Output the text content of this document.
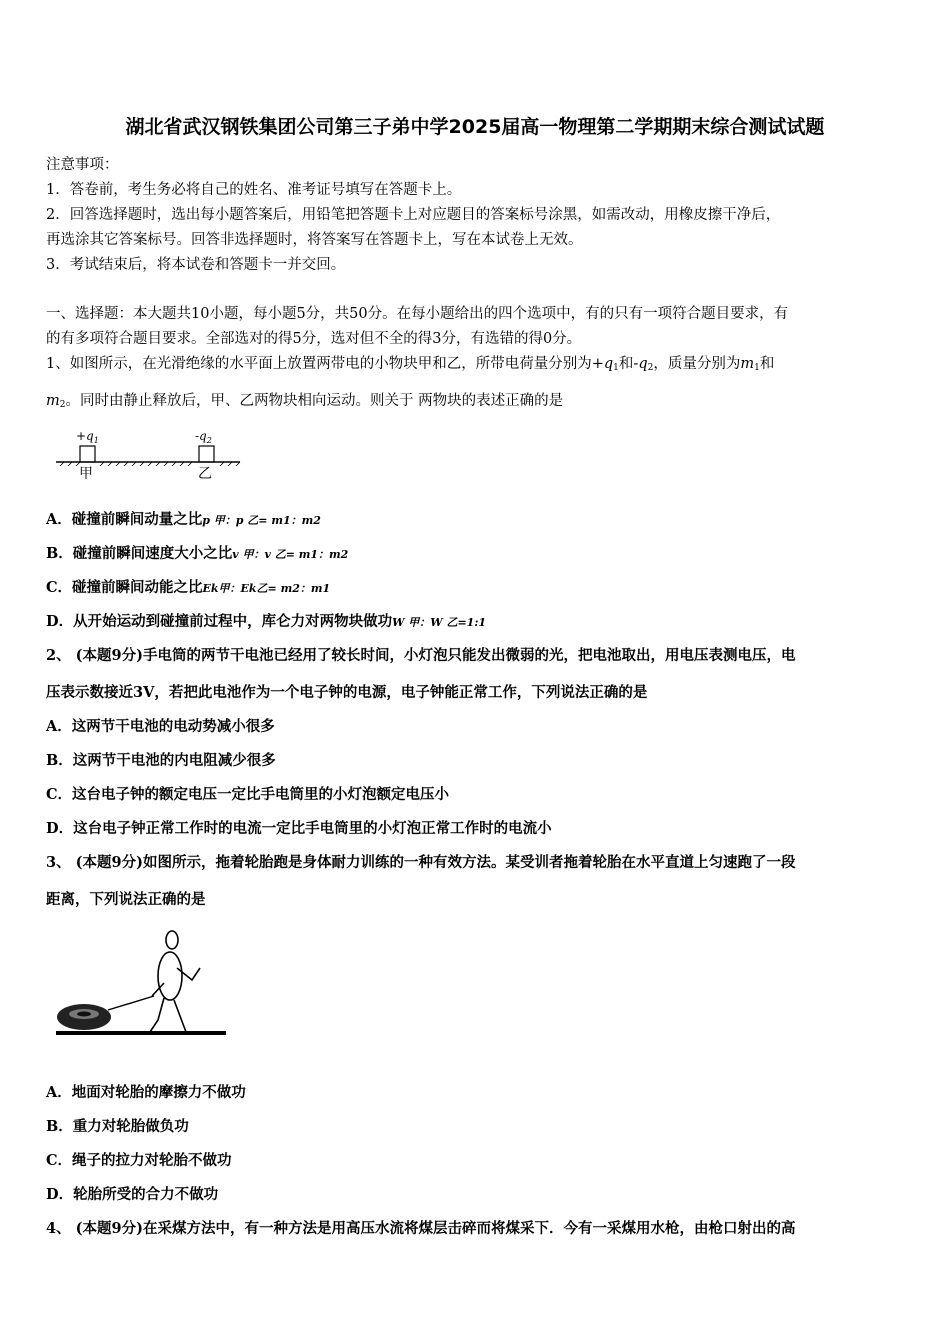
湖北省武汉钢铁集团公司第三子弟中学2025届高一物理第二学期期末综合测试试题
注意事项：
1．答卷前，考生务必将自己的姓名、准考证号填写在答题卡上。
2．回答选择题时，选出每小题答案后，用铅笔把答题卡上对应题目的答案标号涂黑，如需改动，用橡皮擦干净后，
再选涂其它答案标号。回答非选择题时，将答案写在答题卡上，写在本试卷上无效。
3．考试结束后，将本试卷和答题卡一并交回。
一、选择题：本大题共10小题，每小题5分，共50分。在每小题给出的四个选项中，有的只有一项符合题目要求，有
的有多项符合题目要求。全部选对的得5分，选对但不全的得3分，有选错的得0分。
1、如图所示，在光滑绝缘的水平面上放置两带电的小物块甲和乙，所带电荷量分别为$+q_1$和$-q_2$，质量分别为$m_1$和
$m_2$。同时由静止释放后，甲、乙两物块相向运动。则关于 两物块的表述正确的是
$+q_1$	$-q_2$
甲	乙
A．碰撞前瞬间动量之比p 甲：p 乙= m1：m2
B．碰撞前瞬间速度大小之比v 甲：v 乙= m1：m2
C．碰撞前瞬间动能之比Ek甲：Ek乙= m2：m1
D．从开始运动到碰撞前过程中，库仑力对两物块做功W 甲：W 乙=1:1
2、 (本题9分)手电筒的两节干电池已经用了较长时间，小灯泡只能发出微弱的光，把电池取出，用电压表测电压，电
压表示数接近3V，若把此电池作为一个电子钟的电源，电子钟能正常工作，下列说法正确的是
A．这两节干电池的电动势减小很多
B．这两节干电池的内电阻减少很多
C．这台电子钟的额定电压一定比手电筒里的小灯泡额定电压小
D．这台电子钟正常工作时的电流一定比手电筒里的小灯泡正常工作时的电流小
3、 (本题9分)如图所示，拖着轮胎跑是身体耐力训练的一种有效方法。某受训者拖着轮胎在水平直道上匀速跑了一段
距离，下列说法正确的是
A．地面对轮胎的摩擦力不做功
B．重力对轮胎做负功
C．绳子的拉力对轮胎不做功
D．轮胎所受的合力不做功
4、 (本题9分)在采煤方法中，有一种方法是用高压水流将煤层击碎而将煤采下．今有一采煤用水枪，由枪口射出的高
